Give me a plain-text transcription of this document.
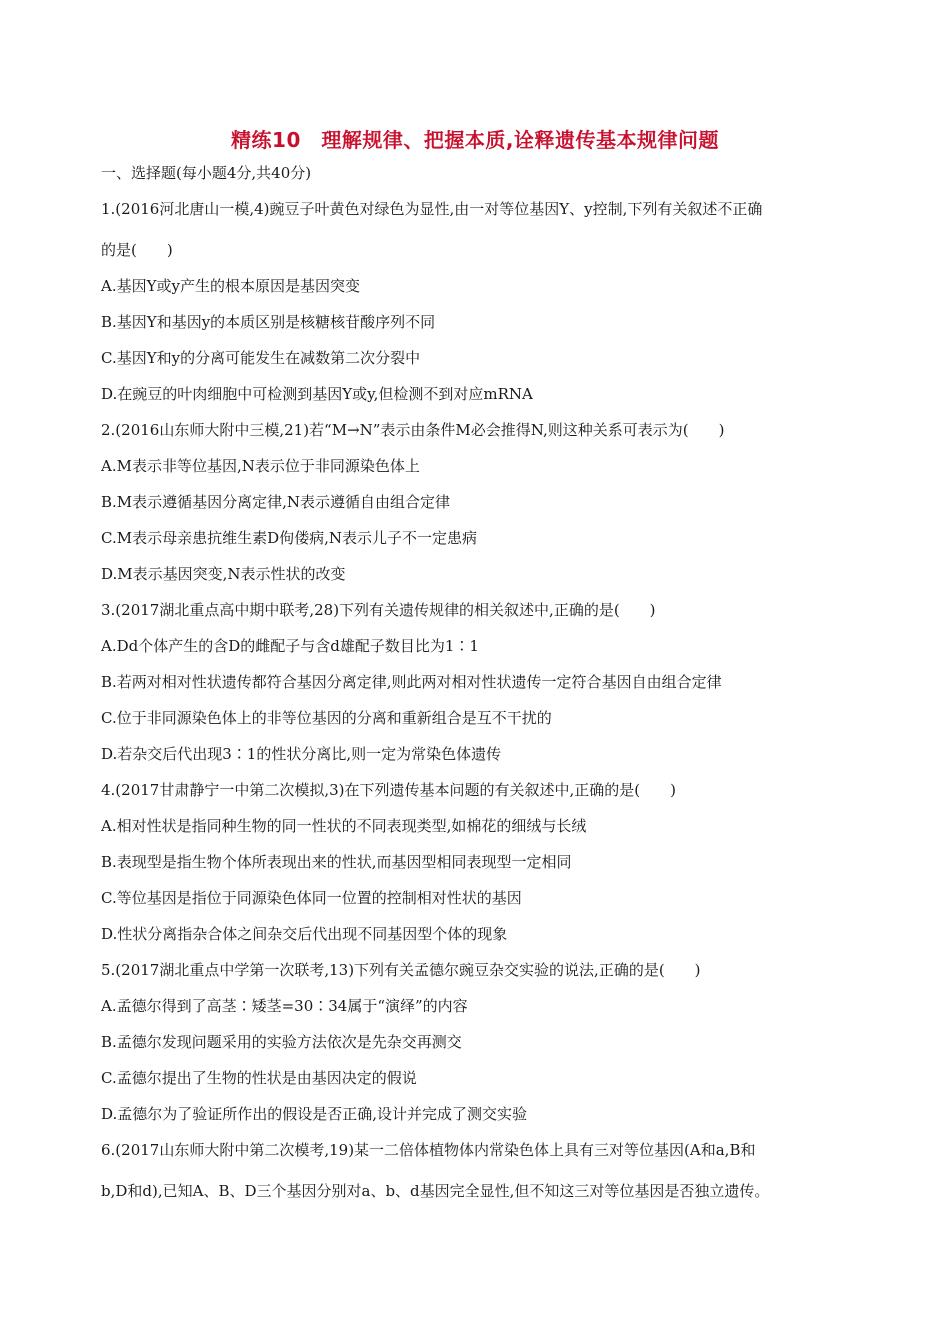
精练10　理解规律、把握本质,诠释遗传基本规律问题
一、选择题(每小题4分,共40分)
1.(2016河北唐山一模,4)豌豆子叶黄色对绿色为显性,由一对等位基因Y、y控制,下列有关叙述不正确
的是(　　)
A.基因Y或y产生的根本原因是基因突变
B.基因Y和基因y的本质区别是核糖核苷酸序列不同
C.基因Y和y的分离可能发生在减数第二次分裂中
D.在豌豆的叶肉细胞中可检测到基因Y或y,但检测不到对应mRNA
2.(2016山东师大附中三模,21)若“M→N”表示由条件M必会推得N,则这种关系可表示为(　　)
A.M表示非等位基因,N表示位于非同源染色体上
B.M表示遵循基因分离定律,N表示遵循自由组合定律
C.M表示母亲患抗维生素D佝偻病,N表示儿子不一定患病
D.M表示基因突变,N表示性状的改变
3.(2017湖北重点高中期中联考,28)下列有关遗传规律的相关叙述中,正确的是(　　)
A.Dd个体产生的含D的雌配子与含d雄配子数目比为1∶1
B.若两对相对性状遗传都符合基因分离定律,则此两对相对性状遗传一定符合基因自由组合定律
C.位于非同源染色体上的非等位基因的分离和重新组合是互不干扰的
D.若杂交后代出现3∶1的性状分离比,则一定为常染色体遗传
4.(2017甘肃静宁一中第二次模拟,3)在下列遗传基本问题的有关叙述中,正确的是(　　)
A.相对性状是指同种生物的同一性状的不同表现类型,如棉花的细绒与长绒
B.表现型是指生物个体所表现出来的性状,而基因型相同表现型一定相同
C.等位基因是指位于同源染色体同一位置的控制相对性状的基因
D.性状分离指杂合体之间杂交后代出现不同基因型个体的现象
5.(2017湖北重点中学第一次联考,13)下列有关孟德尔豌豆杂交实验的说法,正确的是(　　)
A.孟德尔得到了高茎∶矮茎=30∶34属于“演绎”的内容
B.孟德尔发现问题采用的实验方法依次是先杂交再测交
C.孟德尔提出了生物的性状是由基因决定的假说
D.孟德尔为了验证所作出的假设是否正确,设计并完成了测交实验
6.(2017山东师大附中第二次模考,19)某一二倍体植物体内常染色体上具有三对等位基因(A和a,B和
b,D和d),已知A、B、D三个基因分别对a、b、d基因完全显性,但不知这三对等位基因是否独立遗传。
